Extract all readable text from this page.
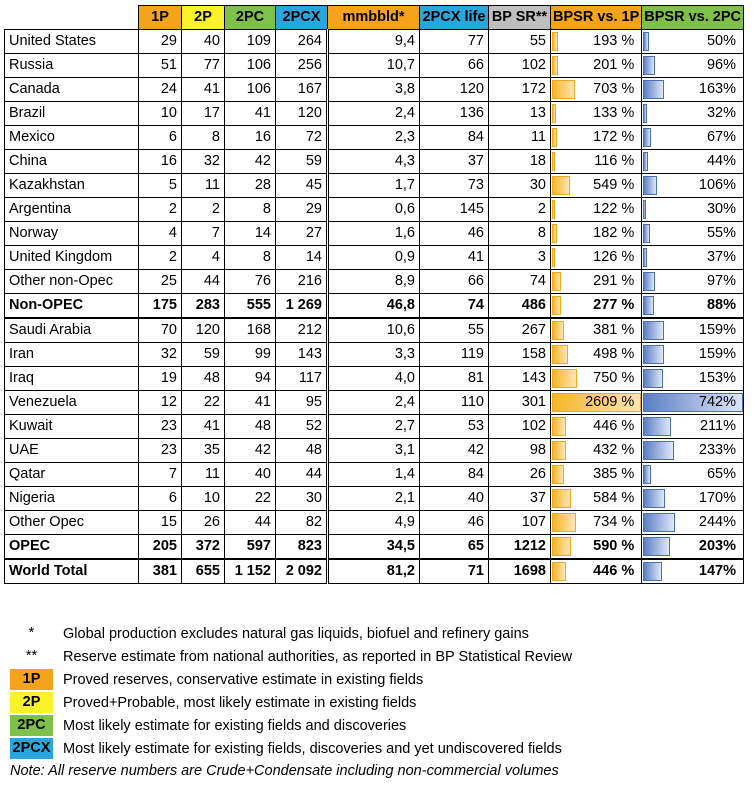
	1P	2P	2PC	2PCX	mmbbld*	2PCX life	BP SR**	BPSR vs. 1P	BPSR vs. 2PC
United States	29	40	109	264	9,4	77	55	193 %	50%
Russia	51	77	106	256	10,7	66	102	201 %	96%
Canada	24	41	106	167	3,8	120	172	703 %	163%
Brazil	10	17	41	120	2,4	136	13	133 %	32%
Mexico	6	8	16	72	2,3	84	11	172 %	67%
China	16	32	42	59	4,3	37	18	116 %	44%
Kazakhstan	5	11	28	45	1,7	73	30	549 %	106%
Argentina	2	2	8	29	0,6	145	2	122 %	30%
Norway	4	7	14	27	1,6	46	8	182 %	55%
United Kingdom	2	4	8	14	0,9	41	3	126 %	37%
Other non-Opec	25	44	76	216	8,9	66	74	291 %	97%
Non-OPEC	175	283	555	1 269	46,8	74	486	277 %	88%
Saudi Arabia	70	120	168	212	10,6	55	267	381 %	159%
Iran	32	59	99	143	3,3	119	158	498 %	159%
Iraq	19	48	94	117	4,0	81	143	750 %	153%
Venezuela	12	22	41	95	2,4	110	301	2609 %	742%
Kuwait	23	41	48	52	2,7	53	102	446 %	211%
UAE	23	35	42	48	3,1	42	98	432 %	233%
Qatar	7	11	40	44	1,4	84	26	385 %	65%
Nigeria	6	10	22	30	2,1	40	37	584 %	170%
Other Opec	15	26	44	82	4,9	46	107	734 %	244%
OPEC	205	372	597	823	34,5	65	1212	590 %	203%
World Total	381	655	1 152	2 092	81,2	71	1698	446 %	147%
*	Global production excludes natural gas liquids, biofuel and refinery gains
**	Reserve estimate from national authorities, as reported in BP Statistical Review
1P	Proved reserves, conservative estimate in existing fields
2P	Proved+Probable, most likely estimate in existing fields
2PC	Most likely estimate for existing fields and discoveries
2PCX Most likely estimate for existing fields, discoveries and yet undiscovered fields
Note: All reserve numbers are Crude+Condensate including non-commercial volumes
